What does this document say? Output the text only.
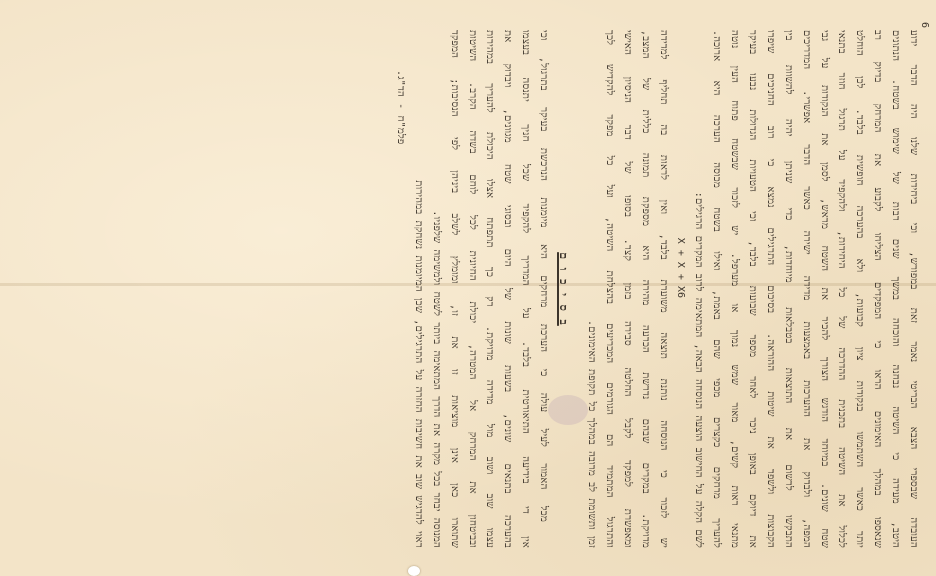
6
העובדה שבספרי הצבא הבריטי נאמר זאת במפורש, וכי ביחידות שלנו היה הדבר ידוע
היטב, מעידה כי השיטה נבחנה והוכחה במשך שנים רבות של שימוש בשטח. הנתונים
שנאספו במהלך האימונים הראו כי המפקדים הצליחו לקבוע את המרחק בדיוק רב
יותר כאשר השתמשו בנקודות ציון קבועות, ולא בהערכה חופשית בלבד. לכן הוחלט
לכלול את השיטה בתכנית ההדרכה של כל היחידות, ולהקפיד על תרגול חוזר בתנאי
שטח שונים. במיוחד הודגש הצורך להכיר את השטח מראש, לסמן את הנקודות על גבי
המפה, ולבדוק את ההערכות באמצעות מדידה ישירה כאשר הדבר אפשרי. המדריכים
התבקשו לרשום את התוצאות בטבלאות מיוחדות, כדי שניתן יהיה להשוות בין
הקבוצות ולשפר את שיטות ההוראה. בסיכום התרגילים נמצא כי רוב החניכים שיפרו
את דיוקם באופן ניכר לאחר מספר שבועות בלבד, וכי הטעויות הגדולות נבעו בעיקר
מתנאי ראות קשים, מאור שמש נמוך או מערפל. יש לזכור שבשטח פתוח העין נוטה
להעריך מרחקים כקצרים מכפי שהם באמת, ואילו בשטח מכוסה הערכה היא ארוכה.
לשם הקלה על החישוב הוצעה הנוסחה הבאה, המתאימה לרוב המקרים הרגילים:
X + X + X6
יש לזכור כי הנוסחה נותנת תוצאה משוערת בלבד, ואין לראות בה תחליף למדידה
מדויקת. במקרים שבהם נדרשת הכרעה מהירה היא מספקת תמונה כללית של המצב,
ומאפשרת למפקד לקבל החלטה סבירה בזמן קצר. בסופו של דבר הניסיון האישי
והתרגול המתמיד הם הגורמים המכריעים בהצלחת השיטה, ועל כל מפקד להקדיש לכך
זמן ותשומת לב מרובה במהלך כל תקופת האימונים.
ב ס י כ ו ם
מכל האמור לעיל עולה כי הערכת מרחקים היא מיומנות הנרכשת בעיקר בתרגול, וכי
אין די בידיעה התיאורטית בלבד. על המדריך להקפיד שכל חניך יתנסה בעצמו
בהערכה בתנאים שונים, בשעות שונות של היום ובסוגי שטח מגוונים, ויבדוק את
עצמו שוב ושוב מול מדידה מדויקת. רק כך תתפתח אצלו היכולת להעריך במהירות
ובביטחון את המרחק אל המטרה, יכולת החיונית לכל לוחם בשדה הקרב. השיטות
שתוארו כאן אינן מוציאות זו את זו, ומומלץ לשלב ביניהן לפי הנסיבות; המפקד
המנוסה יבחר בכל מקרה את הדרך המתאימה ביותר לשטח ולמשימה שלפניו.
ראוי להדגיש שוב את חשיבות החזרה על התרגילים, שכן המיומנות נשחקת במהירות
פלמ"ח - הד"ג.
